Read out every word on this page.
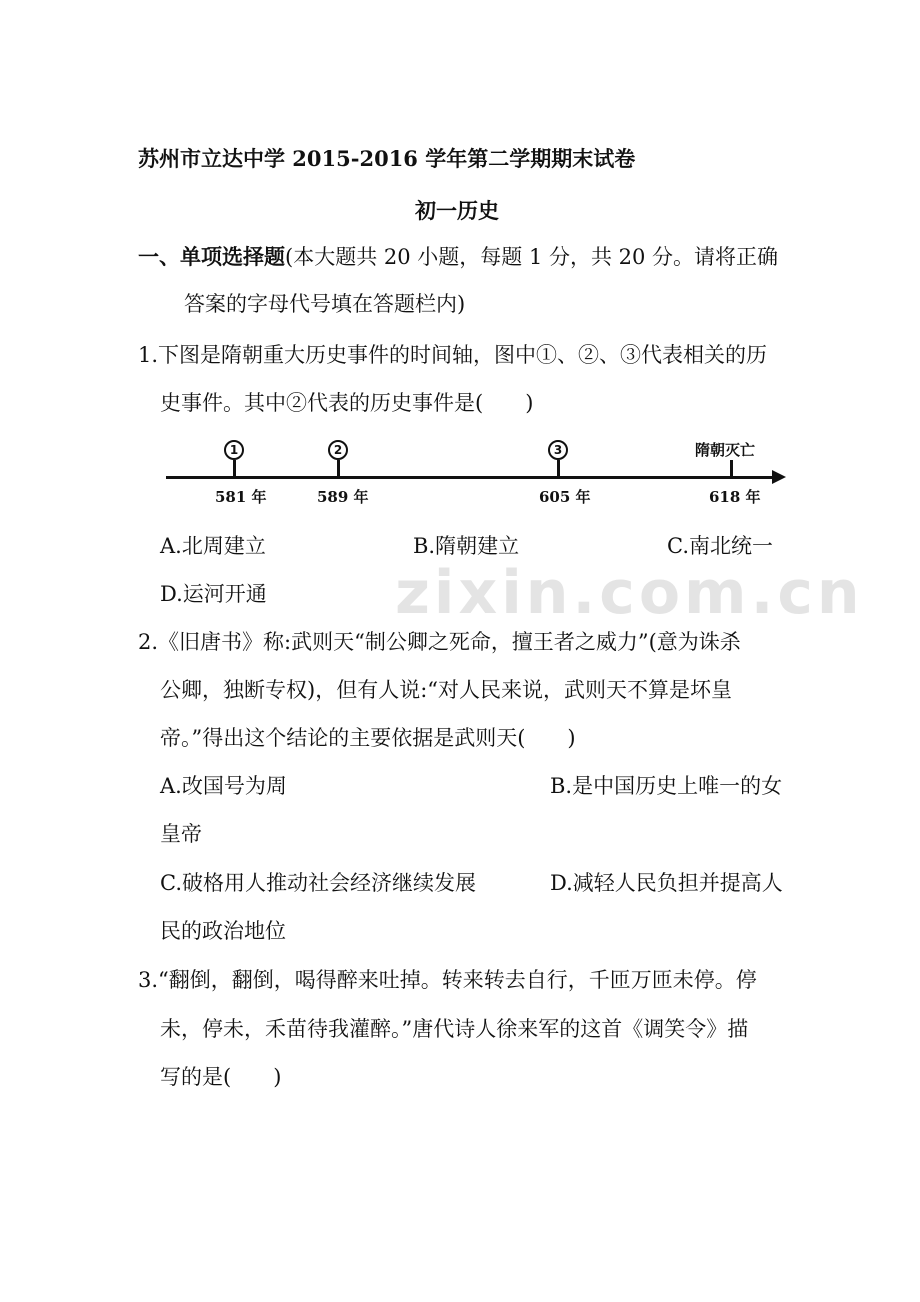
zixin.com.cn
苏州市立达中学 2015-2016 学年第二学期期末试卷
初一历史
一、单项选择题(本大题共 20 小题，每题 1 分，共 20 分。请将正确
答案的字母代号填在答题栏内)
1.下图是隋朝重大历史事件的时间轴，图中①、②、③代表相关的历
史事件。其中②代表的历史事件是(　　)
1
581 年
2
589 年
3
605 年
隋朝灭亡
618 年
A.北周建立	B.隋朝建立	C.南北统一
D.运河开通
2.《旧唐书》称:武则天“制公卿之死命，擅王者之威力”(意为诛杀
公卿，独断专权)，但有人说:“对人民来说，武则天不算是坏皇
帝。”得出这个结论的主要依据是武则天(　　)
A.改国号为周	B.是中国历史上唯一的女
皇帝
C.破格用人推动社会经济继续发展	D.减轻人民负担并提高人
民的政治地位
3.“翻倒，翻倒，喝得醉来吐掉。转来转去自行，千匝万匝未停。停
未，停未，禾苗待我灌醉。”唐代诗人徐来军的这首《调笑令》描
写的是(　　)
